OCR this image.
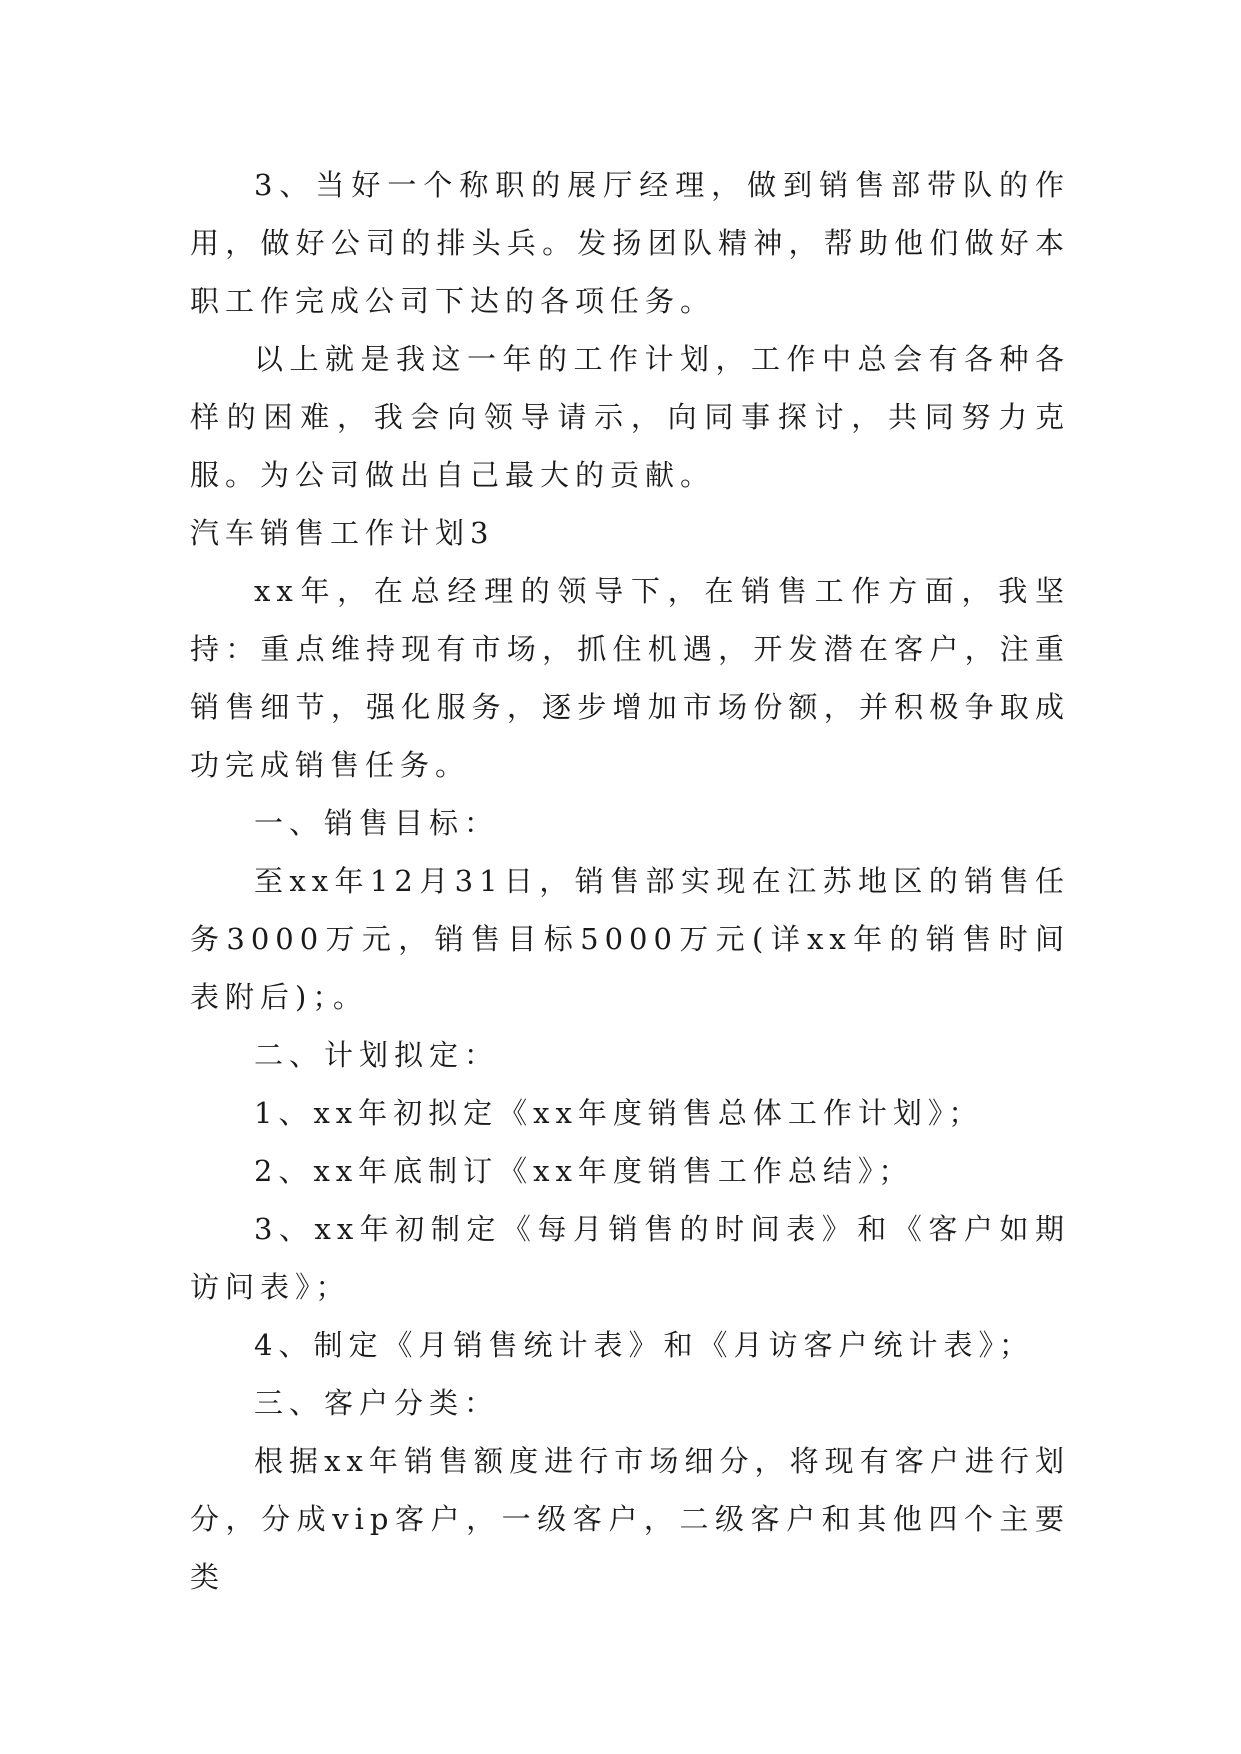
3、当好一个称职的展厅经理，做到销售部带队的作用，做好公司的排头兵。发扬团队精神，帮助他们做好本职工作完成公司下达的各项任务。

以上就是我这一年的工作计划，工作中总会有各种各样的困难，我会向领导请示，向同事探讨，共同努力克服。为公司做出自己最大的贡献。

汽车销售工作计划3

xx年，在总经理的领导下，在销售工作方面，我坚持：重点维持现有市场，抓住机遇，开发潜在客户，注重销售细节，强化服务，逐步增加市场份额，并积极争取成功完成销售任务。

一、销售目标：

至xx年12月31日，销售部实现在江苏地区的销售任务3000万元，销售目标5000万元(详xx年的销售时间表附后)；。

二、计划拟定：

1、xx年初拟定《xx年度销售总体工作计划》；

2、xx年底制订《xx年度销售工作总结》；

3、xx年初制定《每月销售的时间表》和《客户如期访问表》；

4、制定《月销售统计表》和《月访客户统计表》；

三、客户分类：

根据xx年销售额度进行市场细分，将现有客户进行划分，分成vip客户，一级客户，二级客户和其他四个主要类
